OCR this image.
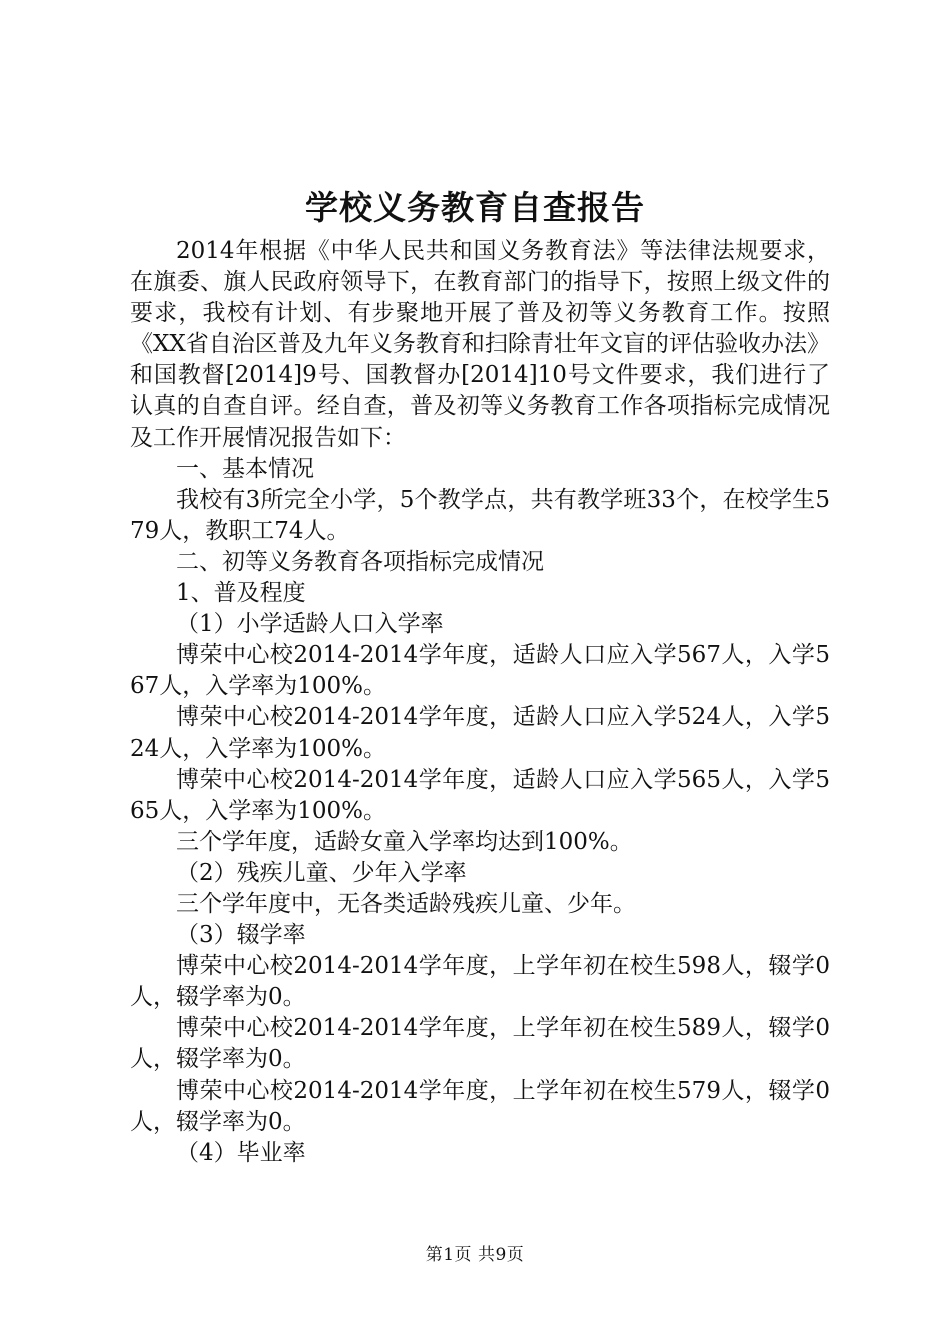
学校义务教育自查报告

2014年根据《中华人民共和国义务教育法》等法律法规要求，在旗委、旗人民政府领导下，在教育部门的指导下，按照上级文件的要求，我校有计划、有步聚地开展了普及初等义务教育工作。按照《XX省自治区普及九年义务教育和扫除青壮年文盲的评估验收办法》和国教督[2014]9号、国教督办[2014]10号文件要求，我们进行了认真的自查自评。经自查，普及初等义务教育工作各项指标完成情况及工作开展情况报告如下：

一、基本情况

我校有3所完全小学，5个教学点，共有教学班33个，在校学生579人，教职工74人。

二、初等义务教育各项指标完成情况

1、普及程度

（1）小学适龄人口入学率

博荣中心校2014-2014学年度，适龄人口应入学567人，入学567人，入学率为100%。

博荣中心校2014-2014学年度，适龄人口应入学524人，入学524人，入学率为100%。

博荣中心校2014-2014学年度，适龄人口应入学565人，入学565人，入学率为100%。

三个学年度，适龄女童入学率均达到100%。

（2）残疾儿童、少年入学率

三个学年度中，无各类适龄残疾儿童、少年。

（3）辍学率

博荣中心校2014-2014学年度，上学年初在校生598人，辍学0人，辍学率为0。

博荣中心校2014-2014学年度，上学年初在校生589人，辍学0人，辍学率为0。

博荣中心校2014-2014学年度，上学年初在校生579人，辍学0人，辍学率为0。

（4）毕业率

第1页 共9页
